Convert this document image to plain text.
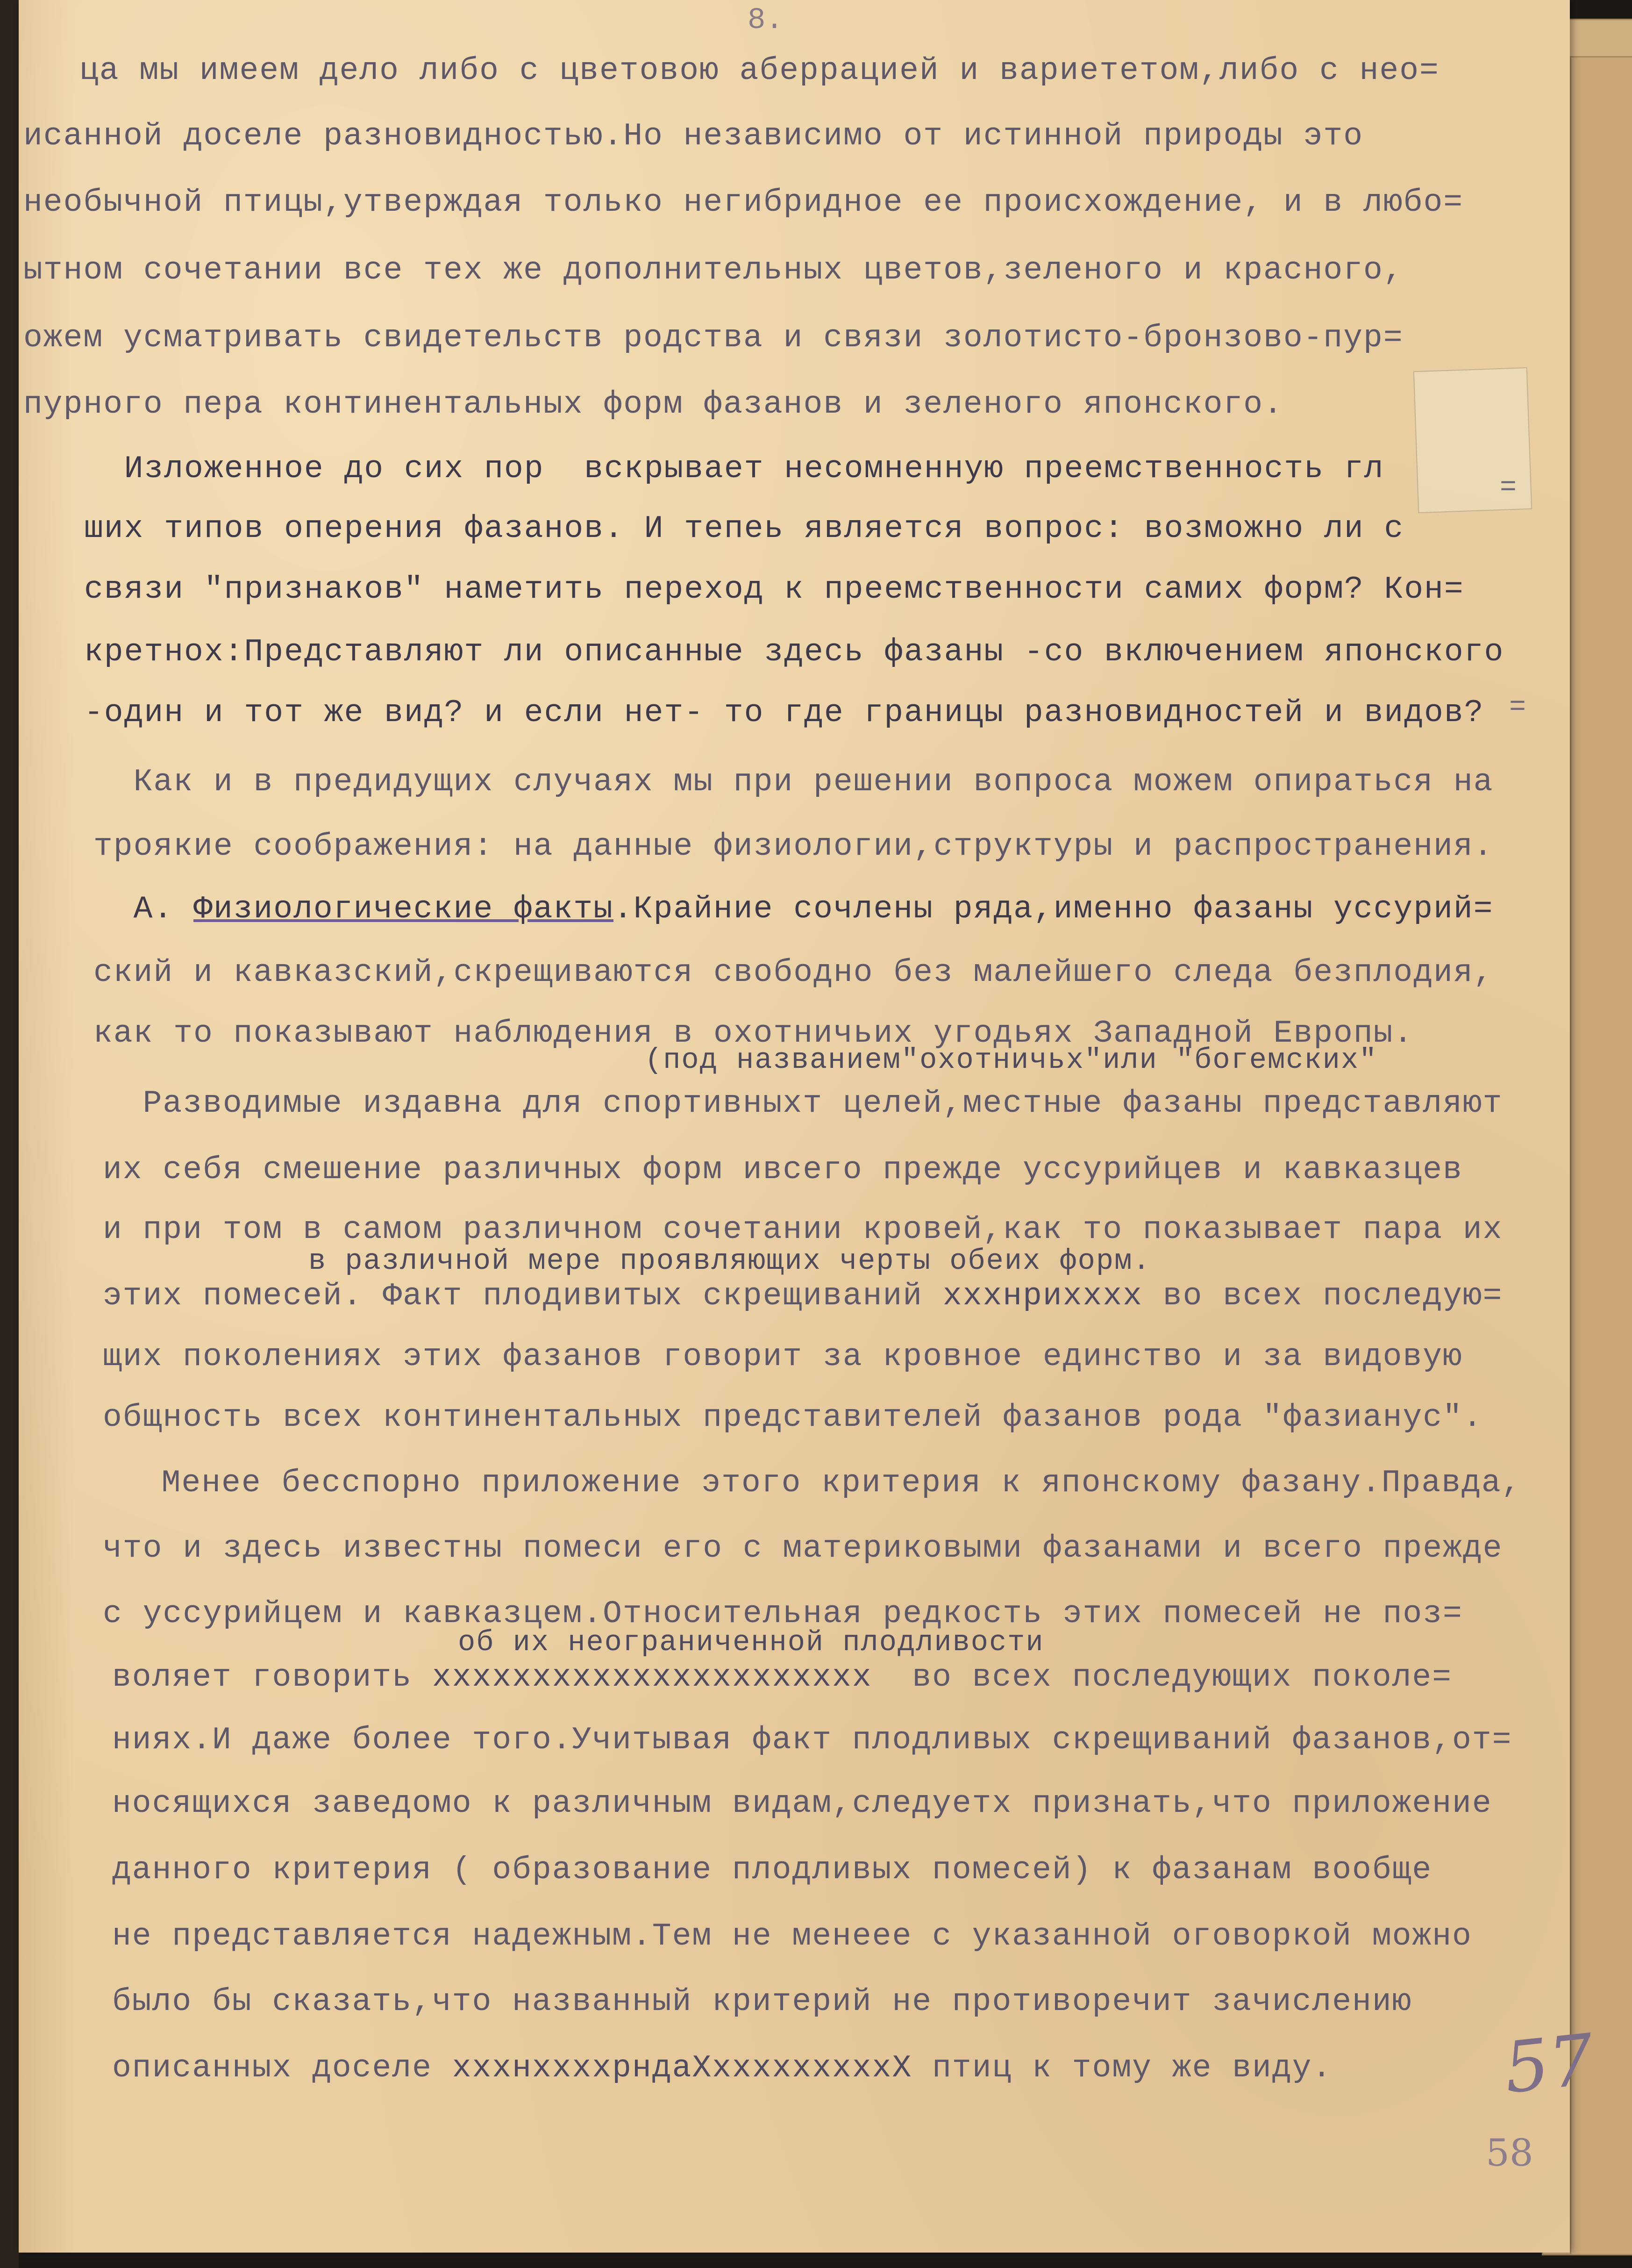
8.
ца мы имеем дело либо с цветовою аберрацией и вариететом,либо с нео=
исанной доселе разновидностью.Но независимо от истинной природы это
необычной птицы,утверждая только негибридное ее происхождение, и в любо=
ытном сочетании все тех же дополнительных цветов,зеленого и красного,
ожем усматривать свидетельств родства и связи золотисто-бронзово-пур=
пурного пера континентальных форм фазанов и зеленого японского.
Изложенное до сих пор  вскрывает несомненную преемственность гл
ших типов оперения фазанов. И тепеь является вопрос: возможно ли с
связи "признаков" наметить переход к преемственности самих форм? Кон=
кретнох:Представляют ли описанные здесь фазаны -со включением японского
-один и тот же вид? и если нет- то где границы разновидностей и видов?
Как и в предидущих случаях мы при решении вопроса можем опираться на
трoякие соображения: на данные физиологии,структуры и распространения.
А. Физиологические факты.Крайние сочлены ряда,именно фазаны уссурий=
ский и кавказский,скрещиваются свободно без малейшего следа безплодия,
как то показывают наблюдения в охотничьих угодьях Западной Европы.
(под названием"охотничьх"или "богемских"
Разводимые издавна для спортивныхт целей,местные фазаны представляют
их себя смешение различных форм ивсего прежде уссурийцев и кавказцев
и при том в самом различном сочетании кровей,как то показывает пара их
в различной мере проявляющих черты обеих форм.
этих помесей. Факт плодивитых скрещиваний хххнрихххх во всех последую=
щих поколениях этих фазанов говорит за кровное единство и за видовую
общность всех континентальных предстaвителей фазанов рода "фазианус".
Менее бесспорно приложение этого критерия к японскому фазану.Правда,
что и здесь известны помеси его с материковыми фазанами и всего прежде
с уссурийцем и кавказцем.Относительная редкость этих помесей не поз=
об их неограниченной плодливости
воляет говорить хххххххххххххххххххххх  во всех последующих поколе=
ниях.И даже более того.Учитывая факт плодливых скрещиваний фазанов,от=
носящихся заведомо к различным видам,следуетх признать,что приложение
данного критерия ( образование плодливых помесей) к фазанам вообще
не представляется надежным.Тем не менеее с указанной оговоркой можно
было бы сказать,что названный критерий не противоречит зачислению
описанных доселе хххнххххрндаХхххххххххХ птиц к тому же виду.
=
=
57
58
